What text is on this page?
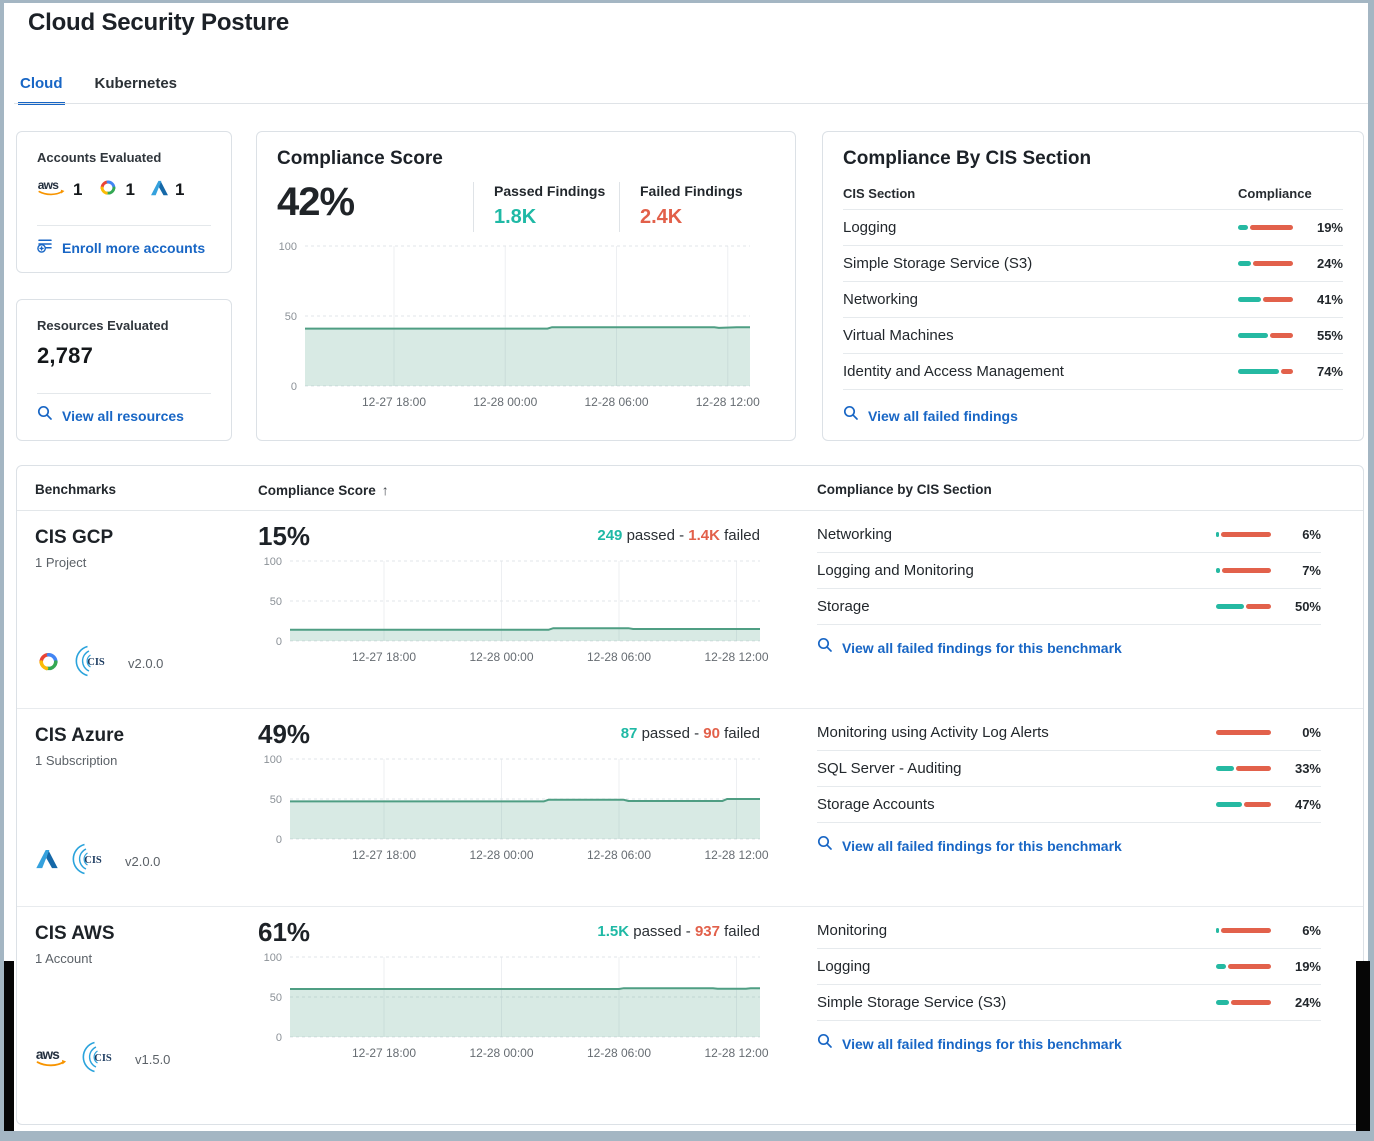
Cloud Security Posture
Cloud Kubernetes
Accounts Evaluated
aws 1	1 1
Enroll more accounts
Resources Evaluated
2,787
View all resources
Compliance Score
42%	Passed Findings
1.8K
Failed Findings
2.4K
0
50
100
12-27 18:00	12-28 00:00	12-28 06:00	12-28 12:00
Compliance By CIS Section
CIS Section	Compliance
Logging	19%
Simple Storage Service (S3)	24%
Networking	41%
Virtual Machines	55%
Identity and Access Management	74%
View all failed findings
Benchmarks	Compliance Score ↑	Compliance by CIS Section
CIS GCP
1 Project
CIS v2.0.0
15%	249 passed - 1.4K failed
0
50
100
12-27 18:00	12-28 00:00	12-28 06:00	12-28 12:00
Networking	6%
Logging and Monitoring	7%
Storage	50%
View all failed findings for this benchmark
CIS Azure
1 Subscription
CIS v2.0.0
49%	87 passed - 90 failed
0
50
100
12-27 18:00	12-28 00:00	12-28 06:00	12-28 12:00
Monitoring using Activity Log Alerts	0%
SQL Server - Auditing	33%
Storage Accounts	47%
View all failed findings for this benchmark
CIS AWS
1 Account
aws	CIS v1.5.0
61%	1.5K passed - 937 failed
0
50
100
12-27 18:00	12-28 00:00	12-28 06:00	12-28 12:00
Monitoring	6%
Logging	19%
Simple Storage Service (S3)	24%
View all failed findings for this benchmark
